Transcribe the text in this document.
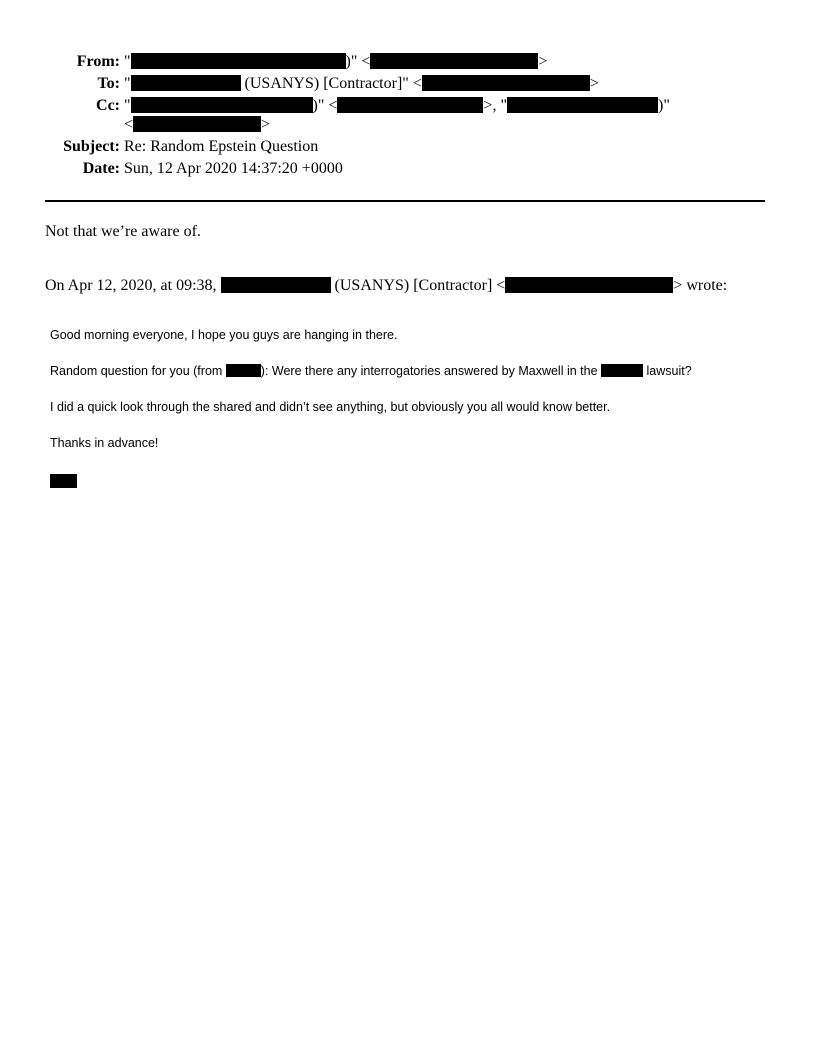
From: "	)" <	>
To: "	(USANYS) [Contractor]" <	>
Cc: "	)" <	>, "	)"
<	>
Subject: Re: Random Epstein Question
Date: Sun, 12 Apr 2020 14:37:20 +0000
Not that we’re aware of.
On Apr 12, 2020, at 09:38,	(USANYS) [Contractor] <	> wrote:
Good morning everyone, I hope you guys are hanging in there.
Random question for you (from	): Were there any interrogatories answered by Maxwell in the	lawsuit?
I did a quick look through the shared and didn’t see anything, but obviously you all would know better.
Thanks in advance!
